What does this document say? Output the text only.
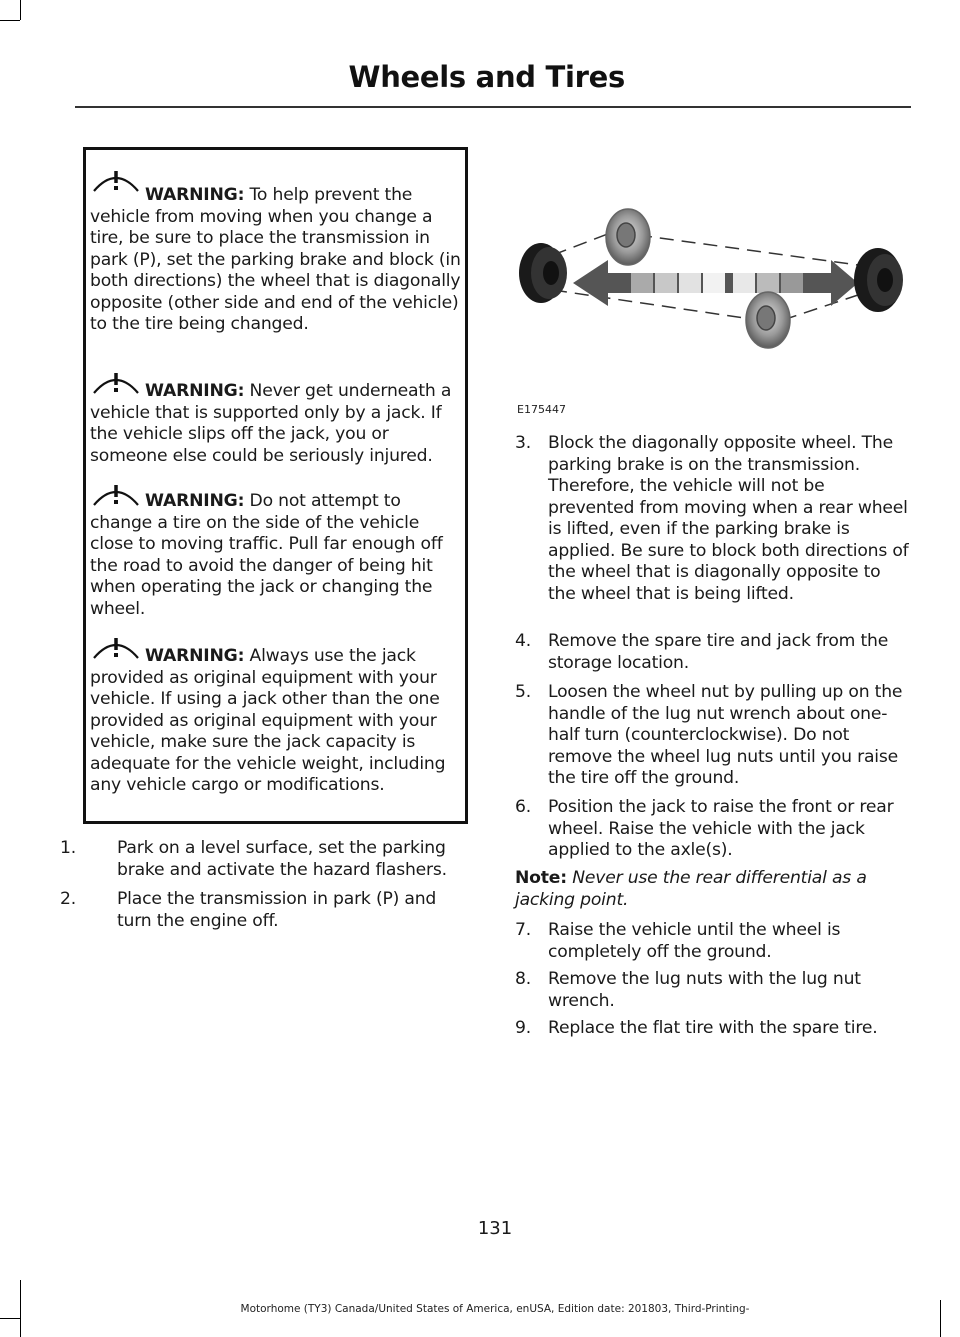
Wheels and Tires
WARNING: To help prevent the vehicle from moving when you change a tire, be sure to place the transmission in park (P), set the parking brake and block (in both directions) the wheel that is diagonally opposite (other side and end of the vehicle) to the tire being changed.
WARNING: Never get underneath a vehicle that is supported only by a jack. If the vehicle slips off the jack, you or someone else could be seriously injured.
WARNING: Do not attempt to change a tire on the side of the vehicle close to moving traffic. Pull far enough off the road to avoid the danger of being hit when operating the jack or changing the wheel.
WARNING: Always use the jack provided as original equipment with your vehicle. If using a jack other than the one provided as original equipment with your vehicle, make sure the jack capacity is adequate for the vehicle weight, including any vehicle cargo or modifications.
1. Park on a level surface, set the parking brake and activate the hazard flashers.
2. Place the transmission in park (P) and turn the engine off.
E175447
3. Block the diagonally opposite wheel. The parking brake is on the transmission. Therefore, the vehicle will not be prevented from moving when a rear wheel is lifted, even if the parking brake is applied. Be sure to block both directions of the wheel that is diagonally opposite to the wheel that is being lifted.
4. Remove the spare tire and jack from the storage location.
5. Loosen the wheel nut by pulling up on the handle of the lug nut wrench about one-half turn (counterclockwise). Do not remove the wheel lug nuts until you raise the tire off the ground.
6. Position the jack to raise the front or rear wheel. Raise the vehicle with the jack applied to the axle(s).
Note: Never use the rear differential as a jacking point.
7. Raise the vehicle until the wheel is completely off the ground.
8. Remove the lug nuts with the lug nut wrench.
9. Replace the flat tire with the spare tire.
131
Motorhome (TY3) Canada/United States of America, enUSA, Edition date: 201803, Third-Printing-
